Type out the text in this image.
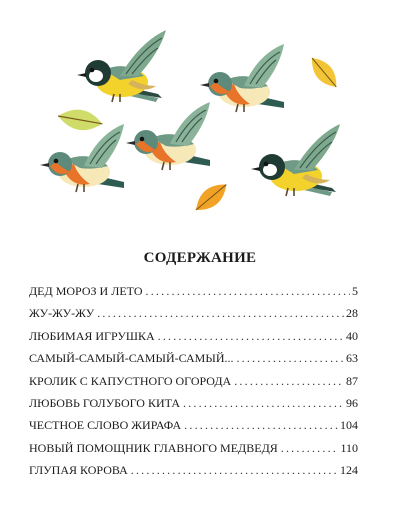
СОДЕРЖАНИЕ
ДЕД МОРОЗ И ЛЕТО .....	5
ЖУ-ЖУ-ЖУ .....	28
ЛЮБИМАЯ ИГРУШКА .....	40
САМЫЙ-САМЫЙ-САМЫЙ-САМЫЙ... .....	63
КРОЛИК С КАПУСТНОГО ОГОРОДА .....	87
ЛЮБОВЬ ГОЛУБОГО КИТА .....	96
ЧЕСТНОЕ СЛОВО ЖИРАФА .....	104
НОВЫЙ ПОМОЩНИК ГЛАВНОГО МЕДВЕДЯ .....	110
ГЛУПАЯ КОРОВА .....	124
